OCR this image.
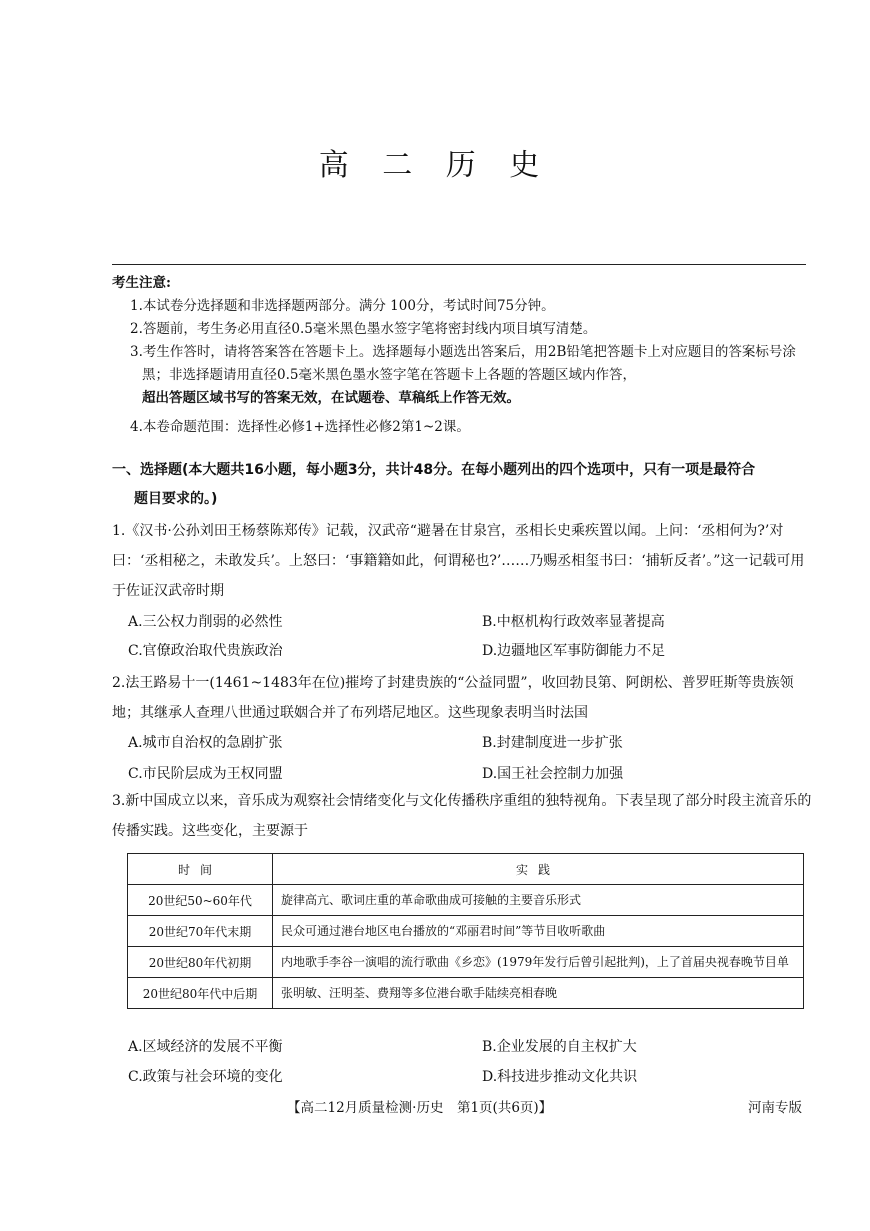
高 二 历 史
考生注意:
1.本试卷分选择题和非选择题两部分。满分 100分，考试时间75分钟。
2.答题前，考生务必用直径0.5毫米黑色墨水签字笔将密封线内项目填写清楚。
3.考生作答时，请将答案答在答题卡上。选择题每小题选出答案后，用2B铅笔把答题卡上对应题目的答案标号涂黑；非选择题请用直径0.5毫米黑色墨水签字笔在答题卡上各题的答题区域内作答，
超出答题区域书写的答案无效，在试题卷、草稿纸上作答无效。
4.本卷命题范围：选择性必修1+选择性必修2第1~2课。
一、选择题(本大题共16小题，每小题3分，共计48分。在每小题列出的四个选项中，只有一项是最符合
题目要求的。)
1.《汉书·公孙刘田王杨蔡陈郑传》记载，汉武帝“避暑在甘泉宫，丞相长史乘疾置以闻。上问：‘丞相何为?’对曰：‘丞相秘之，未敢发兵’。上怒曰：‘事籍籍如此，何谓秘也?’……乃赐丞相玺书曰：‘捕斩反者’。”这一记载可用于佐证汉武帝时期
A.三公权力削弱的必然性	B.中枢机构行政效率显著提高
C.官僚政治取代贵族政治	D.边疆地区军事防御能力不足
2.法王路易十一(1461~1483年在位)摧垮了封建贵族的“公益同盟”，收回勃艮第、阿朗松、普罗旺斯等贵族领地；其继承人查理八世通过联姻合并了布列塔尼地区。这些现象表明当时法国
A.城市自治权的急剧扩张	B.封建制度进一步扩张
C.市民阶层成为王权同盟	D.国王社会控制力加强
3.新中国成立以来，音乐成为观察社会情绪变化与文化传播秩序重组的独特视角。下表呈现了部分时段主流音乐的传播实践。这些变化，主要源于
时间	实践
20世纪50~60年代	旋律高亢、歌词庄重的革命歌曲成可接触的主要音乐形式
20世纪70年代末期	民众可通过港台地区电台播放的“邓丽君时间”等节目收听歌曲
20世纪80年代初期	内地歌手李谷一演唱的流行歌曲《乡恋》(1979年发行后曾引起批判)，上了首届央视春晚节目单
20世纪80年代中后期	张明敏、汪明荃、费翔等多位港台歌手陆续亮相春晚
A.区域经济的发展不平衡	B.企业发展的自主权扩大
C.政策与社会环境的变化	D.科技进步推动文化共识
【高二12月质量检测·历史　第1页(共6页)】	河南专版
